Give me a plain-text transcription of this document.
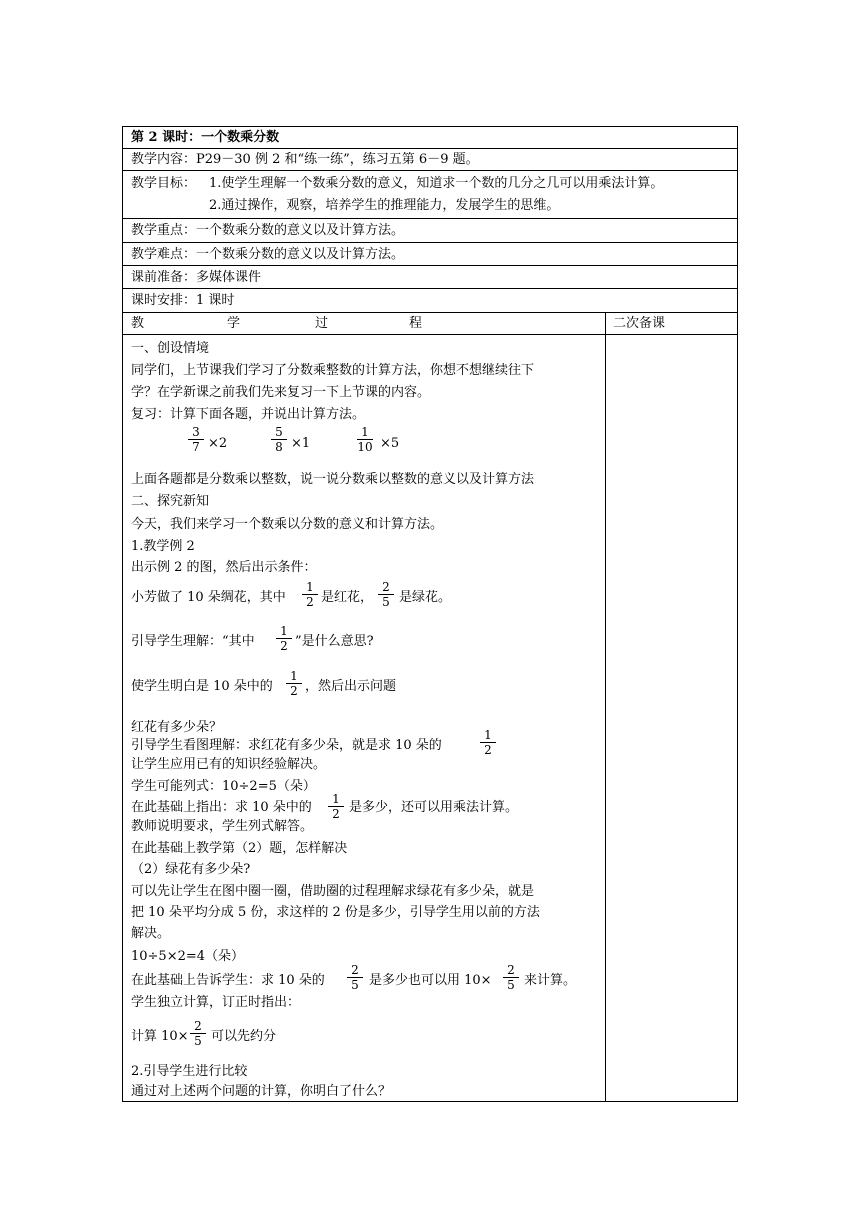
第 2 课时：一个数乘分数
教学内容：P29－30 例 2 和“练一练”，练习五第 6－9 题。
教学目标： 1.使学生理解一个数乘分数的意义，知道求一个数的几分之几可以用乘法计算。
2.通过操作，观察，培养学生的推理能力，发展学生的思维。
教学重点：一个数乘分数的意义以及计算方法。
教学难点：一个数乘分数的意义以及计算方法。
课前准备：多媒体课件
课时安排：1 课时
教	学	过	程	二次备课
一、创设情境
同学们，上节课我们学习了分数乘整数的计算方法，你想不想继续往下
学？在学新课之前我们先来复习一下上节课的内容。
复习：计算下面各题，并说出计算方法。
$\frac{3}{7} \times 2$	$\frac{5}{8} \times 1$	$\frac{1}{10} \times 5$
上面各题都是分数乘以整数，说一说分数乘以整数的意义以及计算方法
二、探究新知
今天，我们来学习一个数乘以分数的意义和计算方法。
1.教学例 2
出示例 2 的图，然后出示条件：
小芳做了 10 朵绸花，其中 $\frac{1}{2}$ 是红花， $\frac{2}{5}$ 是绿花。
引导学生理解：“其中 $\frac{1}{2}$ ”是什么意思?
使学生明白是 10 朵中的 $\frac{1}{2}$ ，然后出示问题
红花有多少朵？
引导学生看图理解：求红花有多少朵，就是求 10 朵的	$\frac{1}{2}$
让学生应用已有的知识经验解决。
学生可能列式：10÷2=5（朵）
在此基础上指出：求 10 朵中的 $\frac{1}{2}$ 是多少，还可以用乘法计算。
教师说明要求，学生列式解答。
在此基础上教学第（2）题，怎样解决
（2）绿花有多少朵?
可以先让学生在图中圈一圈，借助圈的过程理解求绿花有多少朵，就是
把 10 朵平均分成 5 份，求这样的 2 份是多少，引导学生用以前的方法
解决。
10÷5×2=4（朵）
在此基础上告诉学生：求 10 朵的 $\frac{2}{5}$ 是多少也可以用 $10\times \frac{2}{5}$ 来计算。
学生独立计算，订正时指出：
计算 $10\times \frac{2}{5}$ 可以先约分
2.引导学生进行比较
通过对上述两个问题的计算，你明白了什么？
